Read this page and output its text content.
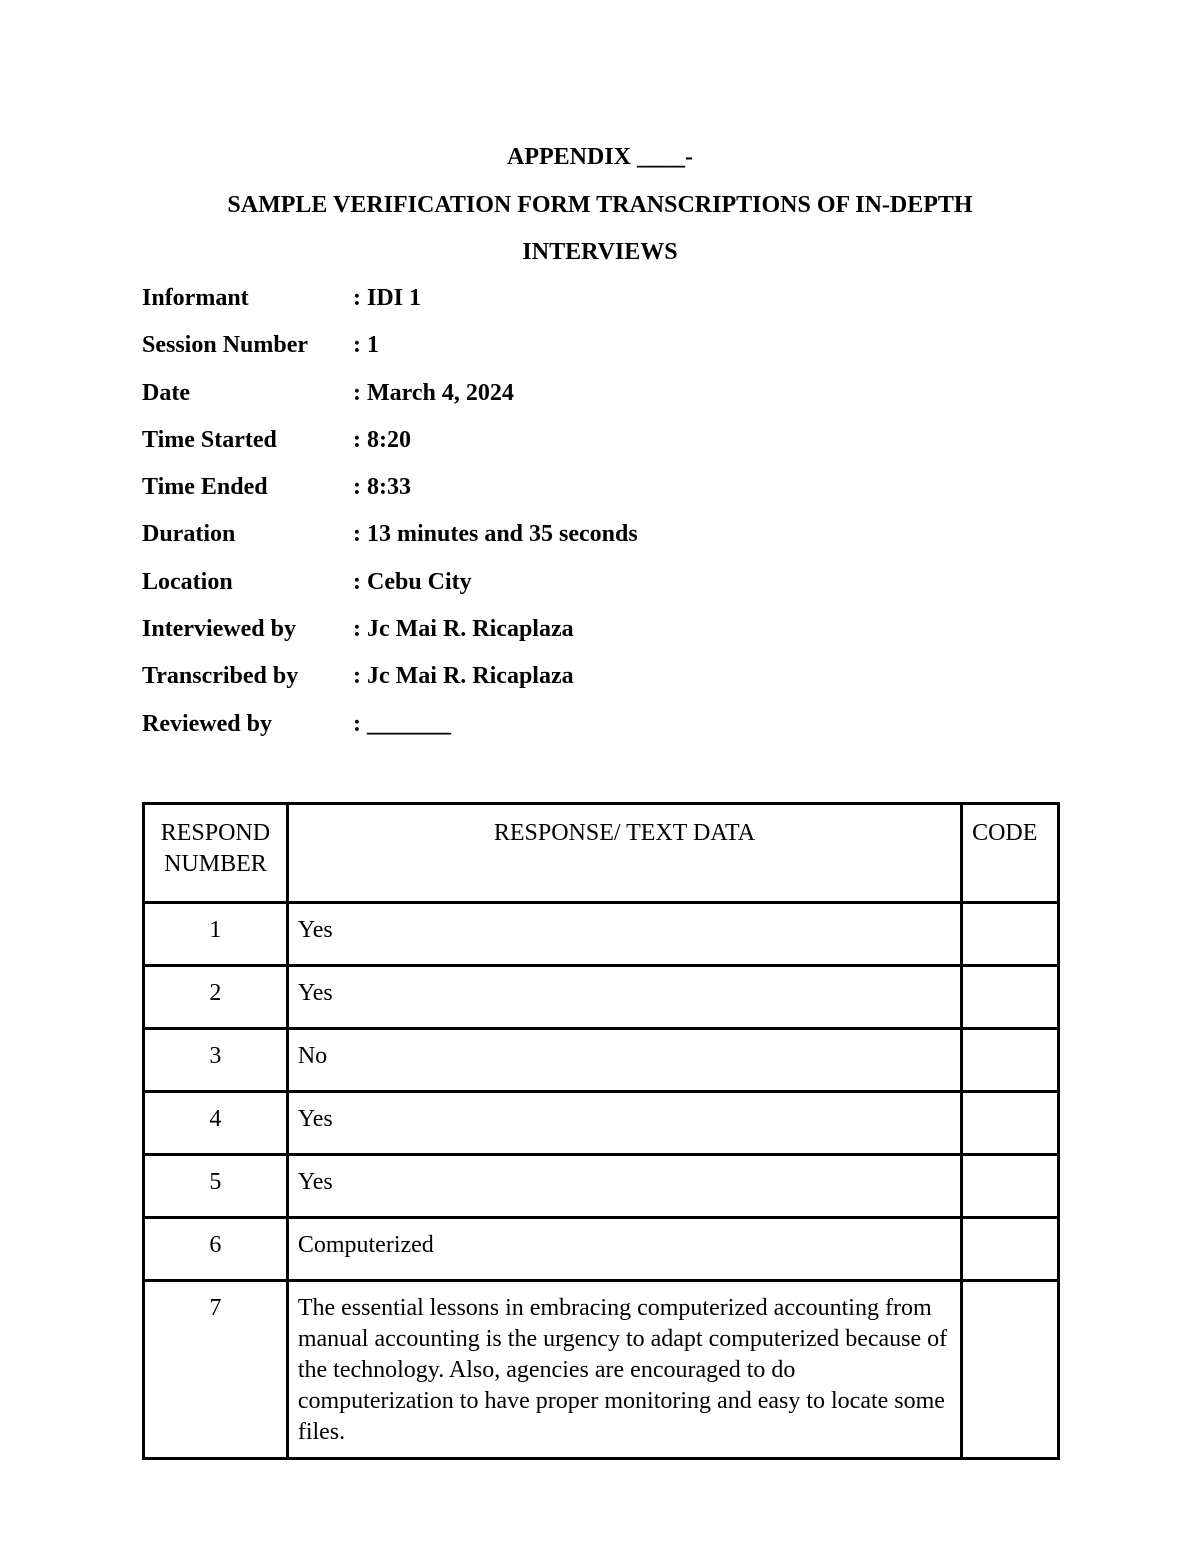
APPENDIX ____-
SAMPLE VERIFICATION FORM TRANSCRIPTIONS OF IN-DEPTH
INTERVIEWS
Informant	: IDI 1
Session Number : 1
Date	: March 4, 2024
Time Started	: 8:20
Time Ended	: 8:33
Duration	: 13 minutes and 35 seconds
Location	: Cebu City
Interviewed by : Jc Mai R. Ricaplaza
Transcribed by : Jc Mai R. Ricaplaza
Reviewed by	: _______
RESPOND NUMBER	RESPONSE/ TEXT DATA	CODE
1	Yes	
2	Yes	
3	No	
4	Yes	
5	Yes	
6	Computerized	
7	The essential lessons in embracing computerized accounting from manual accounting is the urgency to adapt computerized because of the technology. Also, agencies are encouraged to do computerization to have proper monitoring and easy to locate some files.	
